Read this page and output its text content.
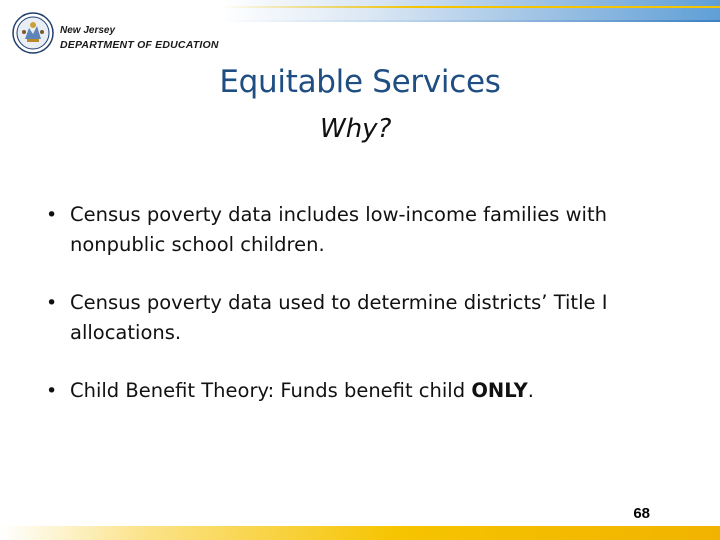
New Jersey
DEPARTMENT OF EDUCATION
Equitable Services
Why?
• Census poverty data includes low-income families with nonpublic school children.
• Census poverty data used to determine districts’ Title I allocations.
• Child Benefit Theory: Funds benefit child ONLY.
68
